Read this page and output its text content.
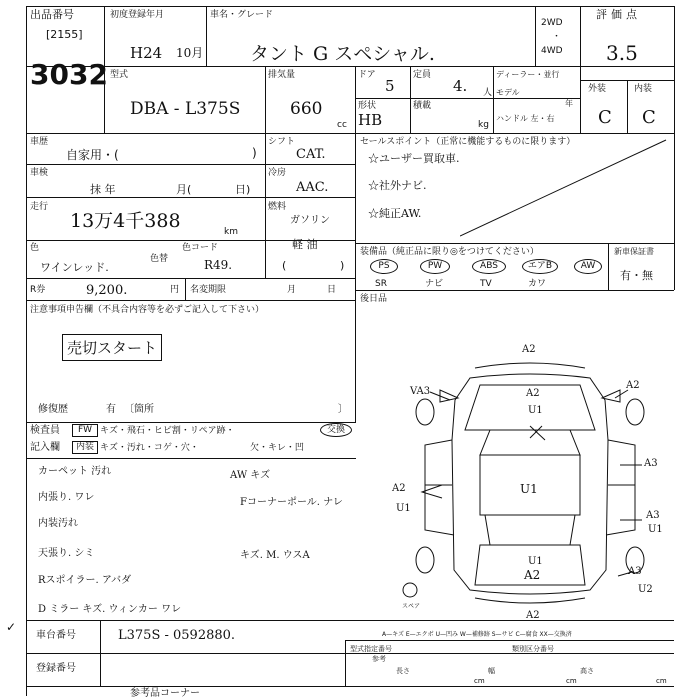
出品番号
[2155]
3032
初度登録年月
H24 10月
車名・グレード
タント G スペシャル.
2WD
・
4WD
評価点
3.5
型式
DBA - L375S
排気量
660
cc
ドア
5
定員
4. 人
ディーラー・並行
モデル
年
ハンドル 左・右
形状
HB
積載
kg
外装	内装
C C
車歴
自家用・(	)
シフト
CAT.
車検
抹 年	月(	日)
冷房
AAC.
走行
13万4千388	km
燃料
ガソリン
軽 油
(	)
色
ワインレッド.
色替
色コード
R49.
R券	9,200.	円 名変期限	月	日
セールスポイント（正常に機能するものに限ります）
☆ユーザー買取車.
☆社外ナビ.
☆純正AW.
装備品（純正品に限り◎をつけてください）	新車保証書
有・無
PS	PW	ABS	エアB	AW
SR	ナビ	TV	カワ
後日品
注意事項申告欄（不具合内容等を必ずご記入して下さい）
売切スタート
修復歴	有 〔箇所	〕
検査員
記入欄
FW キズ・飛石・ヒビ割・リペア跡・	交換
内装 キズ・汚れ・コゲ・穴・	欠・キレ・凹
カーペット 汚れ	AW キズ
内張り. ワレ	Fコーナーポール. ナレ
内装汚れ
天張り. シミ	キズ. M. ウスA
Rスポイラー. アバダ
D ミラー キズ. ウィンカー ワレ
✓
A2
VA3
A2
A2
U1
A3
A2
U1
U1
A3
U1
U1
A2	A3
U2
A2
スペア
A—キズ E—エクボ U—凹み W—補修跡 S—サビ C—腐食 XX—交換済
車台番号	L375S - 0592880.
登録番号
型式指定番号
参考
類別区分番号
長さ
cm
幅
cm
高さ
cm
参考品コーナー
